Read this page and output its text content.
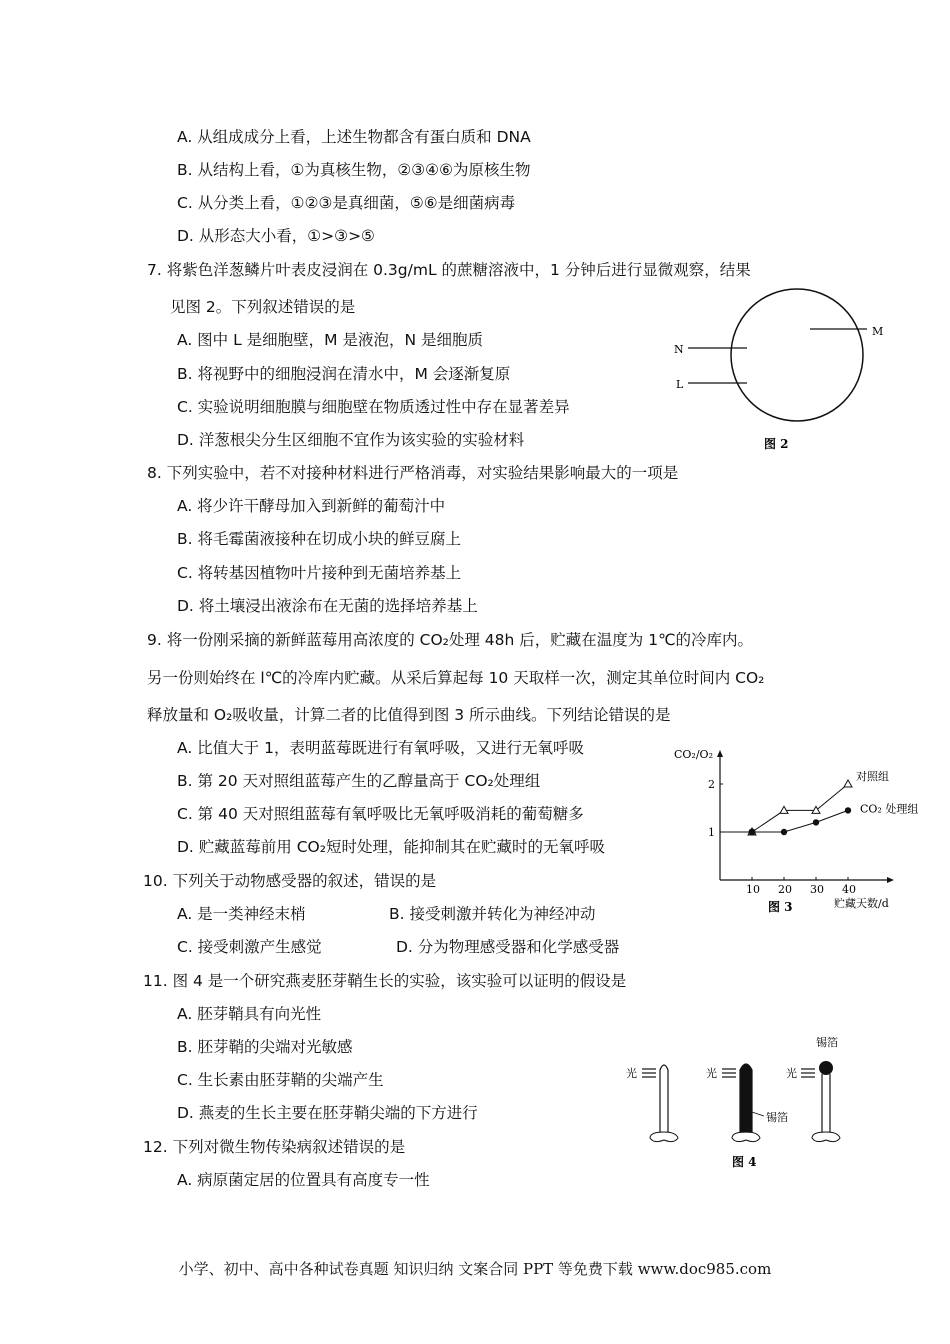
A. 从组成成分上看，上述生物都含有蛋白质和 DNA
B. 从结构上看，①为真核生物，②③④⑥为原核生物
C. 从分类上看，①②③是真细菌，⑤⑥是细菌病毒
D. 从形态大小看，①>③>⑤
7. 将紫色洋葱鳞片叶表皮浸润在 0.3g/mL 的蔗糖溶液中，1 分钟后进行显微观察，结果
见图 2。下列叙述错误的是
A. 图中 L 是细胞壁，M 是液泡，N 是细胞质
B. 将视野中的细胞浸润在清水中，M 会逐渐复原
C. 实验说明细胞膜与细胞壁在物质透过性中存在显著差异
D. 洋葱根尖分生区细胞不宜作为该实验的实验材料
N
L
M
图 2
8. 下列实验中，若不对接种材料进行严格消毒，对实验结果影响最大的一项是
A. 将少许干酵母加入到新鲜的葡萄汁中
B. 将毛霉菌液接种在切成小块的鲜豆腐上
C. 将转基因植物叶片接种到无菌培养基上
D. 将土壤浸出液涂布在无菌的选择培养基上
9. 将一份刚采摘的新鲜蓝莓用高浓度的 CO₂处理 48h 后，贮藏在温度为 1℃的冷库内。
另一份则始终在 l℃的冷库内贮藏。从采后算起每 10 天取样一次，测定其单位时间内 CO₂
释放量和 O₂吸收量，计算二者的比值得到图 3 所示曲线。下列结论错误的是
A. 比值大于 1，表明蓝莓既进行有氧呼吸，又进行无氧呼吸
B. 第 20 天对照组蓝莓产生的乙醇量高于 CO₂处理组
C. 第 40 天对照组蓝莓有氧呼吸比无氧呼吸消耗的葡萄糖多
D. 贮藏蓝莓前用 CO₂短时处理，能抑制其在贮藏时的无氧呼吸
CO₂/O₂
贮藏天数/d
图 3
10 20 30 40
1
2
对照组
CO₂ 处理组
10. 下列关于动物感受器的叙述，错误的是
A. 是一类神经末梢	B. 接受刺激并转化为神经冲动
C. 接受刺激产生感觉	D. 分为物理感受器和化学感受器
11. 图 4 是一个研究燕麦胚芽鞘生长的实验，该实验可以证明的假设是
A. 胚芽鞘具有向光性
B. 胚芽鞘的尖端对光敏感
C. 生长素由胚芽鞘的尖端产生
D. 燕麦的生长主要在胚芽鞘尖端的下方进行
光	光
锡箔
光
锡箔
图 4
12. 下列对微生物传染病叙述错误的是
A. 病原菌定居的位置具有高度专一性
小学、初中、高中各种试卷真题 知识归纳 文案合同 PPT 等免费下载 www.doc985.com
